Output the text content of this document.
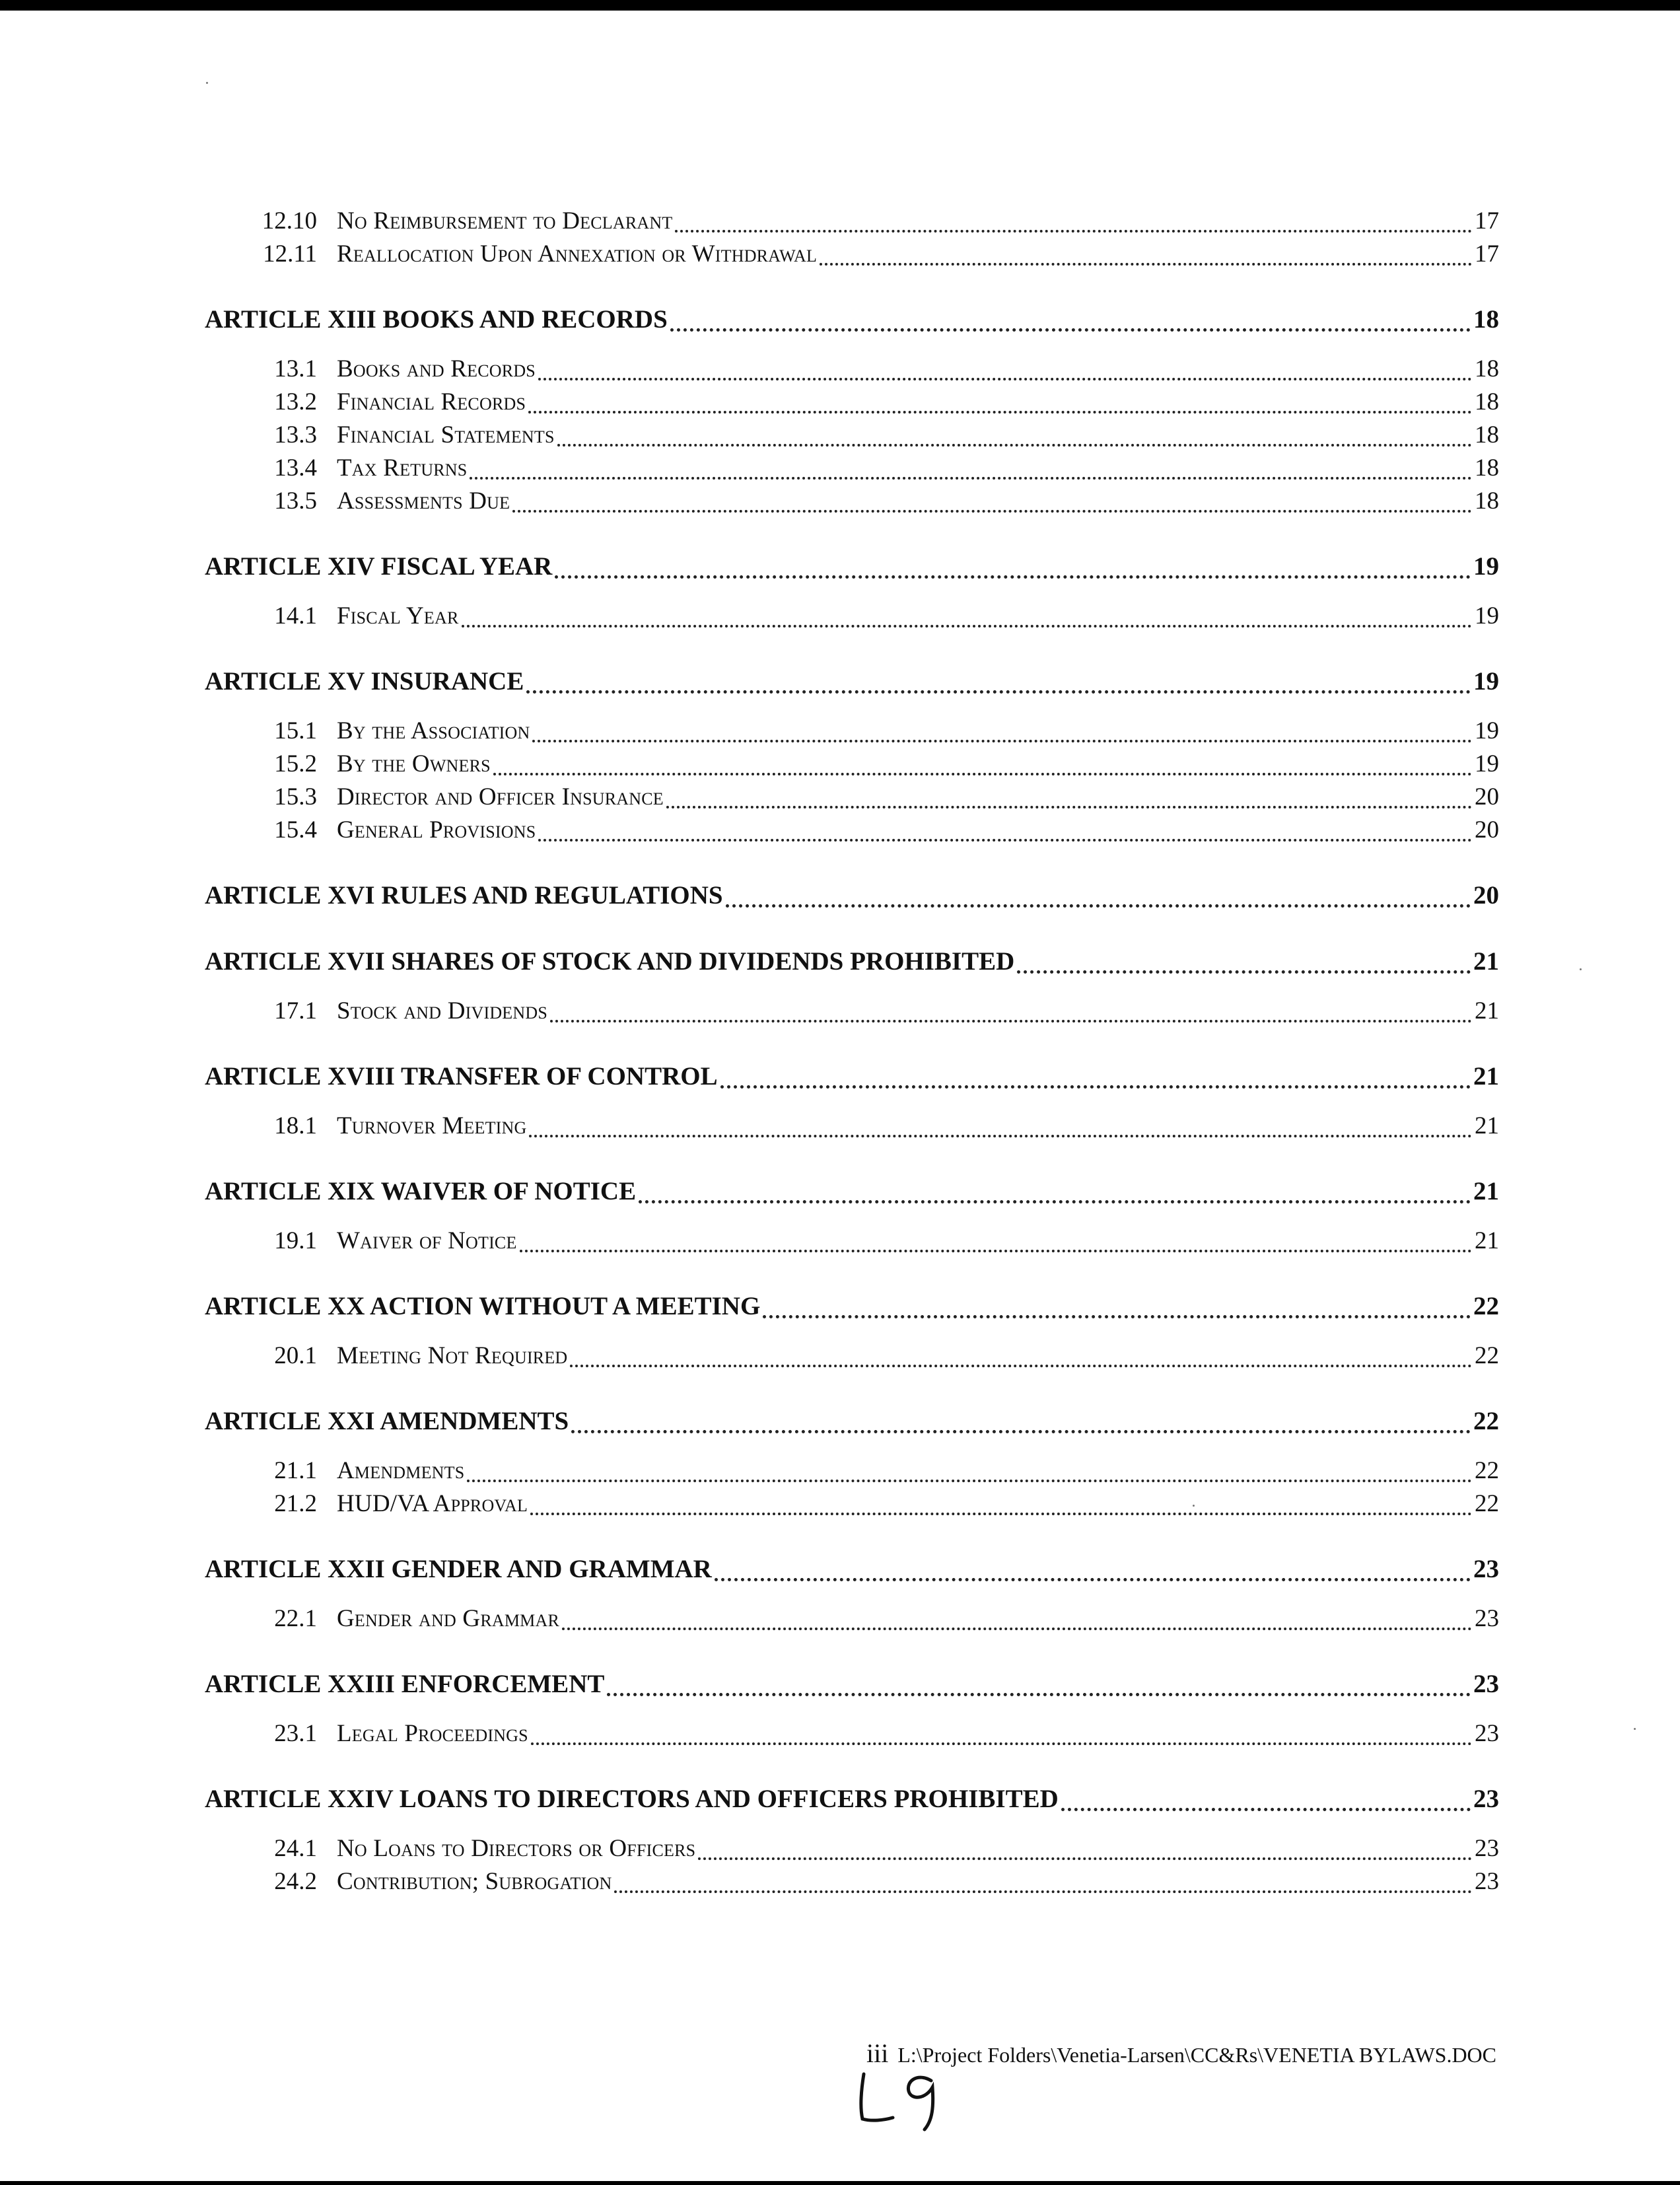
12.10 No Reimbursement to Declarant	17
12.11 Reallocation Upon Annexation or Withdrawal	17
ARTICLE XIII BOOKS AND RECORDS	18
13.1 Books and Records	18
13.2 Financial Records	18
13.3 Financial Statements	18
13.4 Tax Returns	18
13.5 Assessments Due	18
ARTICLE XIV FISCAL YEAR	19
14.1 Fiscal Year	19
ARTICLE XV INSURANCE	19
15.1 By the Association	19
15.2 By the Owners	19
15.3 Director and Officer Insurance	20
15.4 General Provisions	20
ARTICLE XVI RULES AND REGULATIONS	20
ARTICLE XVII SHARES OF STOCK AND DIVIDENDS PROHIBITED	21
17.1 Stock and Dividends	21
ARTICLE XVIII TRANSFER OF CONTROL	21
18.1 Turnover Meeting	21
ARTICLE XIX WAIVER OF NOTICE	21
19.1 Waiver of Notice	21
ARTICLE XX ACTION WITHOUT A MEETING	22
20.1 Meeting Not Required	22
ARTICLE XXI AMENDMENTS	22
21.1 Amendments	22
21.2 HUD/VA Approval	22
ARTICLE XXII GENDER AND GRAMMAR	23
22.1 Gender and Grammar	23
ARTICLE XXIII ENFORCEMENT	23
23.1 Legal Proceedings	23
ARTICLE XXIV LOANS TO DIRECTORS AND OFFICERS PROHIBITED	23
24.1 No Loans to Directors or Officers	23
24.2 Contribution; Subrogation	23
iii L:\Project Folders\Venetia-Larsen\CC&Rs\VENETIA BYLAWS.DOC
